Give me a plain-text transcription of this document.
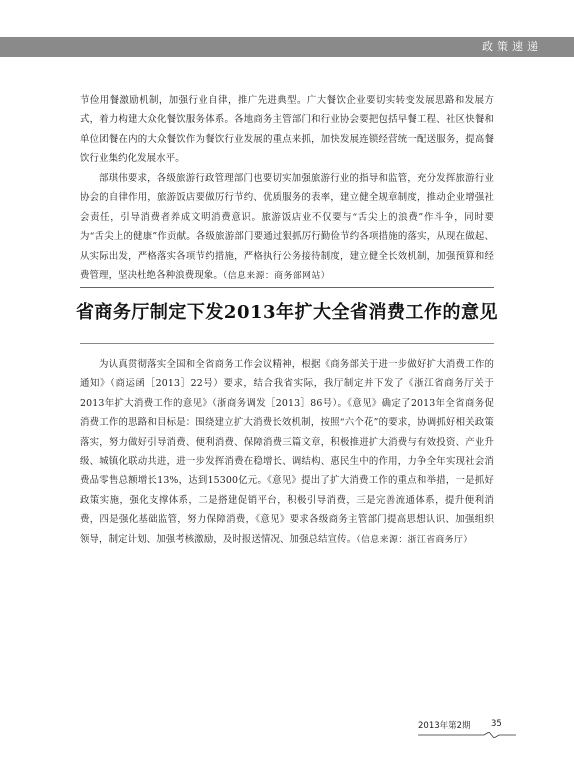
政策速递

节俭用餐激励机制，加强行业自律，推广先进典型。广大餐饮企业要切实转变发展思路和发展方式，着力构建大众化餐饮服务体系。各地商务主管部门和行业协会要把包括早餐工程、社区快餐和单位团餐在内的大众餐饮作为餐饮行业发展的重点来抓，加快发展连锁经营统一配送服务，提高餐饮行业集约化发展水平。

部琪伟要求，各级旅游行政管理部门也要切实加强旅游行业的指导和监管，充分发挥旅游行业协会的自律作用，旅游饭店要做厉行节约、优质服务的表率，建立健全规章制度，推动企业增强社会责任，引导消费者养成文明消费意识。旅游饭店业不仅要与“舌尖上的浪费”作斗争，同时要为“舌尖上的健康”作贡献。各级旅游部门要通过狠抓厉行勤俭节约各项措施的落实，从现在做起、从实际出发，严格落实各项节约措施，严格执行公务接待制度，建立健全长效机制，加强预算和经费管理，坚决杜绝各种浪费现象。（信息来源：商务部网站）

省商务厅制定下发2013年扩大全省消费工作的意见

为认真贯彻落实全国和全省商务工作会议精神，根据《商务部关于进一步做好扩大消费工作的通知》（商运函［2013］22号）要求，结合我省实际，我厅制定并下发了《浙江省商务厅关于2013年扩大消费工作的意见》（浙商务调发［2013］86号）。《意见》确定了2013年全省商务促消费工作的思路和目标是：围绕建立扩大消费长效机制，按照“六个花”的要求，协调抓好相关政策落实，努力做好引导消费、便利消费、保障消费三篇文章，积极推进扩大消费与有效投资、产业升级、城镇化联动共进，进一步发挥消费在稳增长、调结构、惠民生中的作用，力争全年实现社会消费品零售总额增长13%，达到15300亿元。《意见》提出了扩大消费工作的重点和举措，一是抓好政策实施，强化支撑体系，二是搭建促销平台，积极引导消费，三是完善流通体系，提升便利消费，四是强化基础监管，努力保障消费，《意见》要求各级商务主管部门提高思想认识、加强组织领导，制定计划、加强考核激励，及时报送情况、加强总结宣传。（信息来源：浙江省商务厅）

2013年第2期 35
